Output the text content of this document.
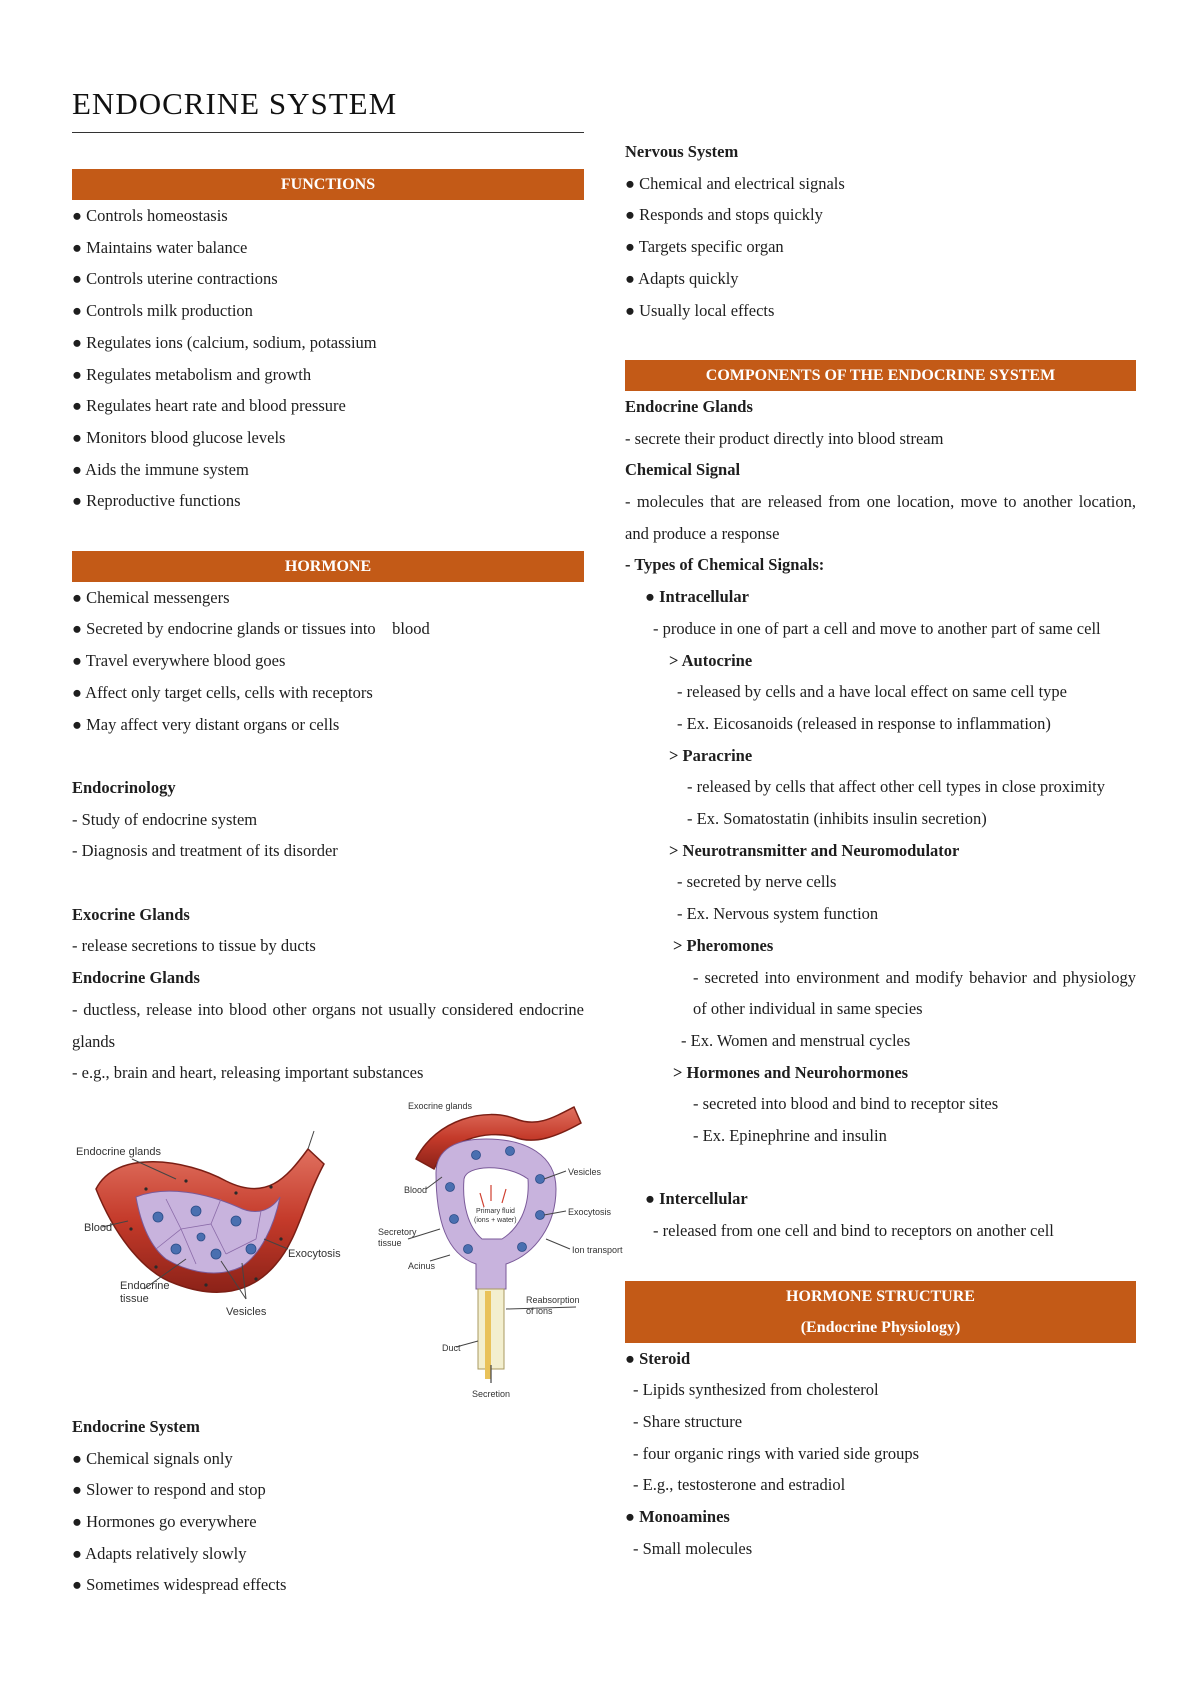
ENDOCRINE SYSTEM
FUNCTIONS
● Controls homeostasis
● Maintains water balance
● Controls uterine contractions
● Controls milk production
● Regulates ions (calcium, sodium, potassium
● Regulates metabolism and growth
● Regulates heart rate and blood pressure
● Monitors blood glucose levels
● Aids the immune system
● Reproductive functions
HORMONE
● Chemical messengers
● Secreted by endocrine glands or tissues into    blood
● Travel everywhere blood goes
● Affect only target cells, cells with receptors
● May affect very distant organs or cells
Endocrinology
- Study of endocrine system
- Diagnosis and treatment of its disorder
Exocrine Glands
- release secretions to tissue by ducts
Endocrine Glands
- ductless, release into blood other organs not usually considered endocrine glands
- e.g., brain and heart, releasing important substances
Endocrine glands
Blood
Exocytosis
Endocrine
tissue
Vesicles
Exocrine glands
Blood
Vesicles
Primary fluid
(ions + water)
Exocytosis
Secretory
tissue
Ion transport
Acinus
Reabsorption
of ions
Duct
Secretion
Endocrine System
● Chemical signals only
● Slower to respond and stop
● Hormones go everywhere
● Adapts relatively slowly
● Sometimes widespread effects
Nervous System
● Chemical and electrical signals
● Responds and stops quickly
● Targets specific organ
● Adapts quickly
● Usually local effects
COMPONENTS OF THE ENDOCRINE SYSTEM
Endocrine Glands
- secrete their product directly into blood stream
Chemical Signal
- molecules that are released from one location, move to another location, and produce a response
- Types of Chemical Signals:
● Intracellular
- produce in one of part a cell and move to another part of same cell
> Autocrine
- released by cells and a have local effect on same cell type
- Ex. Eicosanoids (released in response to inflammation)
> Paracrine
- released by cells that affect other cell types in close proximity
- Ex. Somatostatin (inhibits insulin secretion)
> Neurotransmitter and Neuromodulator
- secreted by nerve cells
- Ex. Nervous system function
> Pheromones
- secreted into environment and modify behavior and physiology of other individual in same species
- Ex. Women and menstrual cycles
> Hormones and Neurohormones
- secreted into blood and bind to receptor sites
- Ex. Epinephrine and insulin
● Intercellular
- released from one cell and bind to receptors on another cell
HORMONE STRUCTURE
(Endocrine Physiology)
● Steroid
- Lipids synthesized from cholesterol
- Share structure
- four organic rings with varied side groups
- E.g., testosterone and estradiol
● Monoamines
- Small molecules
